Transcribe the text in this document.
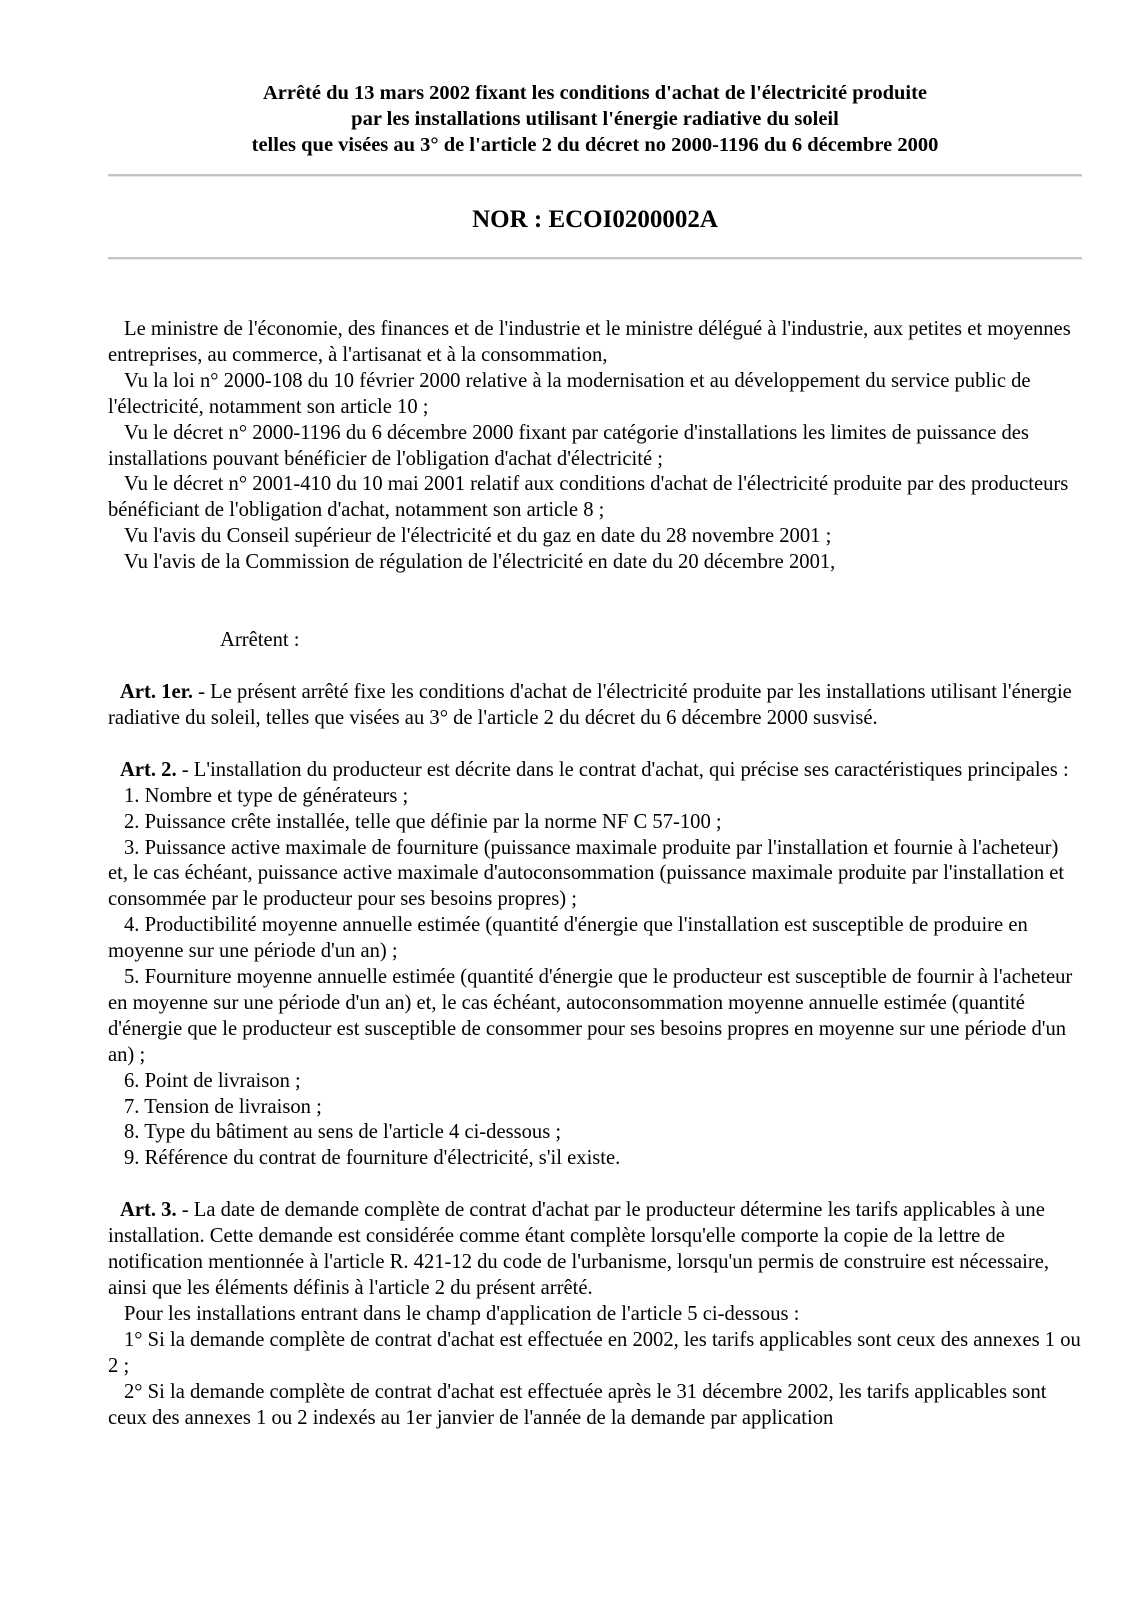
Arrêté du 13 mars 2002 fixant les conditions d'achat de l'électricité produite
par les installations utilisant l'énergie radiative du soleil
telles que visées au 3° de l'article 2 du décret no 2000-1196 du 6 décembre 2000
NOR : ECOI0200002A

Le ministre de l'économie, des finances et de l'industrie et le ministre délégué à l'industrie, aux petites et moyennes entreprises, au commerce, à l'artisanat et à la consommation,

Vu la loi n° 2000-108 du 10 février 2000 relative à la modernisation et au développement du service public de l'électricité, notamment son article 10 ;

Vu le décret n° 2000-1196 du 6 décembre 2000 fixant par catégorie d'installations les limites de puissance des installations pouvant bénéficier de l'obligation d'achat d'électricité ;

Vu le décret n° 2001-410 du 10 mai 2001 relatif aux conditions d'achat de l'électricité produite par des producteurs bénéficiant de l'obligation d'achat, notamment son article 8 ;

Vu l'avis du Conseil supérieur de l'électricité et du gaz en date du 28 novembre 2001 ;

Vu l'avis de la Commission de régulation de l'électricité en date du 20 décembre 2001,

Arrêtent :

Art. 1er. - Le présent arrêté fixe les conditions d'achat de l'électricité produite par les installations utilisant l'énergie radiative du soleil, telles que visées au 3° de l'article 2 du décret du 6 décembre 2000 susvisé.

Art. 2. - L'installation du producteur est décrite dans le contrat d'achat, qui précise ses caractéristiques principales :

1. Nombre et type de générateurs ;

2. Puissance crête installée, telle que définie par la norme NF C 57-100 ;

3. Puissance active maximale de fourniture (puissance maximale produite par l'installation et fournie à l'acheteur) et, le cas échéant, puissance active maximale d'autoconsommation (puissance maximale produite par l'installation et consommée par le producteur pour ses besoins propres) ;

4. Productibilité moyenne annuelle estimée (quantité d'énergie que l'installation est susceptible de produire en moyenne sur une période d'un an) ;

5. Fourniture moyenne annuelle estimée (quantité d'énergie que le producteur est susceptible de fournir à l'acheteur en moyenne sur une période d'un an) et, le cas échéant, autoconsommation moyenne annuelle estimée (quantité d'énergie que le producteur est susceptible de consommer pour ses besoins propres en moyenne sur une période d'un an) ;

6. Point de livraison ;

7. Tension de livraison ;

8. Type du bâtiment au sens de l'article 4 ci-dessous ;

9. Référence du contrat de fourniture d'électricité, s'il existe.

Art. 3. - La date de demande complète de contrat d'achat par le producteur détermine les tarifs applicables à une installation. Cette demande est considérée comme étant complète lorsqu'elle comporte la copie de la lettre de notification mentionnée à l'article R. 421-12 du code de l'urbanisme, lorsqu'un permis de construire est nécessaire, ainsi que les éléments définis à l'article 2 du présent arrêté.

Pour les installations entrant dans le champ d'application de l'article 5 ci-dessous :

1° Si la demande complète de contrat d'achat est effectuée en 2002, les tarifs applicables sont ceux des annexes 1 ou 2 ;

2° Si la demande complète de contrat d'achat est effectuée après le 31 décembre 2002, les tarifs applicables sont ceux des annexes 1 ou 2 indexés au 1er janvier de l'année de la demande par application
